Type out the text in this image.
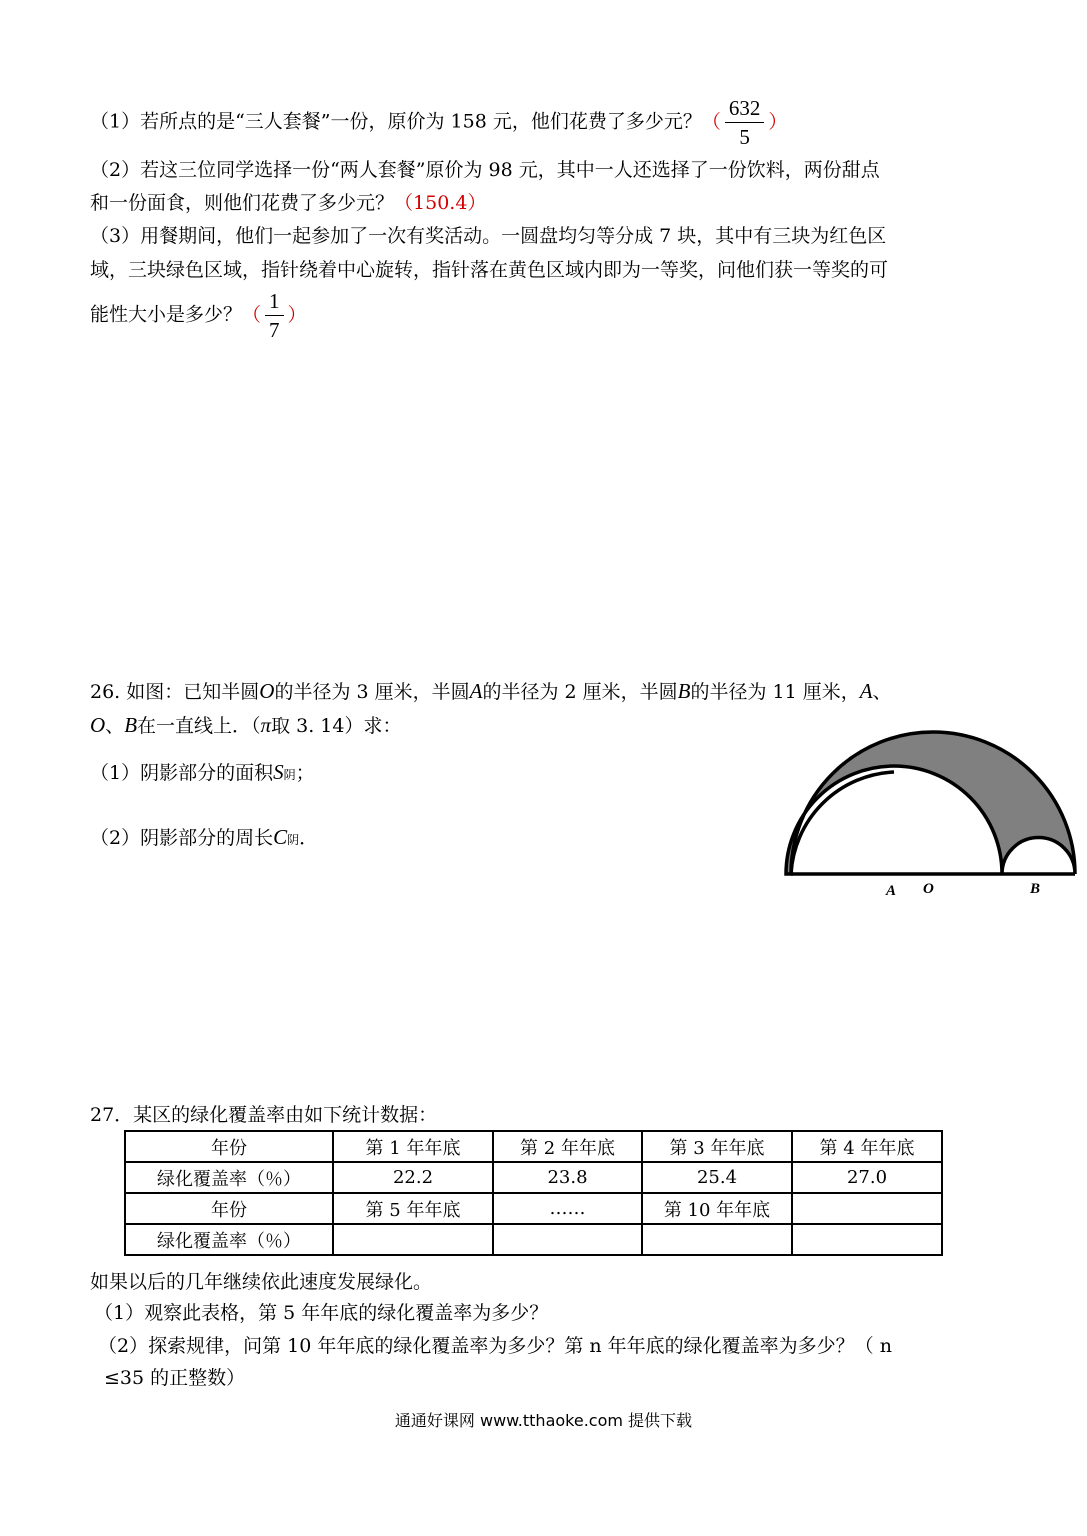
（1）若所点的是“三人套餐”一份，原价为 158 元，他们花费了多少元？（ $\frac{632}{5}$ ）
（2）若这三位同学选择一份“两人套餐”原价为 98 元，其中一人还选择了一份饮料，两份甜点
和一份面食，则他们花费了多少元？（150.4）
（3）用餐期间，他们一起参加了一次有奖活动。一圆盘均匀等分成 7 块，其中有三块为红色区
域，三块绿色区域，指针绕着中心旋转，指针落在黄色区域内即为一等奖，问他们获一等奖的可
能性大小是多少？（ $\frac{1}{7}$ ）
26. 如图：已知半圆O的半径为 3 厘米，半圆A的半径为 2 厘米，半圆B的半径为 11 厘米，A、
O、B在一直线上．（π取 3. 14）求：
（1）阴影部分的面积S阴；
（2）阴影部分的周长C阴．
A O	B
27．某区的绿化覆盖率由如下统计数据：
年份	第 1 年年底	第 2 年年底	第 3 年年底	第 4 年年底
绿化覆盖率（％）	22.2	23.8	25.4	27.0
年份	第 5 年年底	……	第 10 年年底	
绿化覆盖率（％）				
如果以后的几年继续依此速度发展绿化。
（1）观察此表格，第 5 年年底的绿化覆盖率为多少？
（2）探索规律，问第 10 年年底的绿化覆盖率为多少？第 n 年年底的绿化覆盖率为多少？（ n
≤35 的正整数）
通通好课网 www.tthaoke.com 提供下载
